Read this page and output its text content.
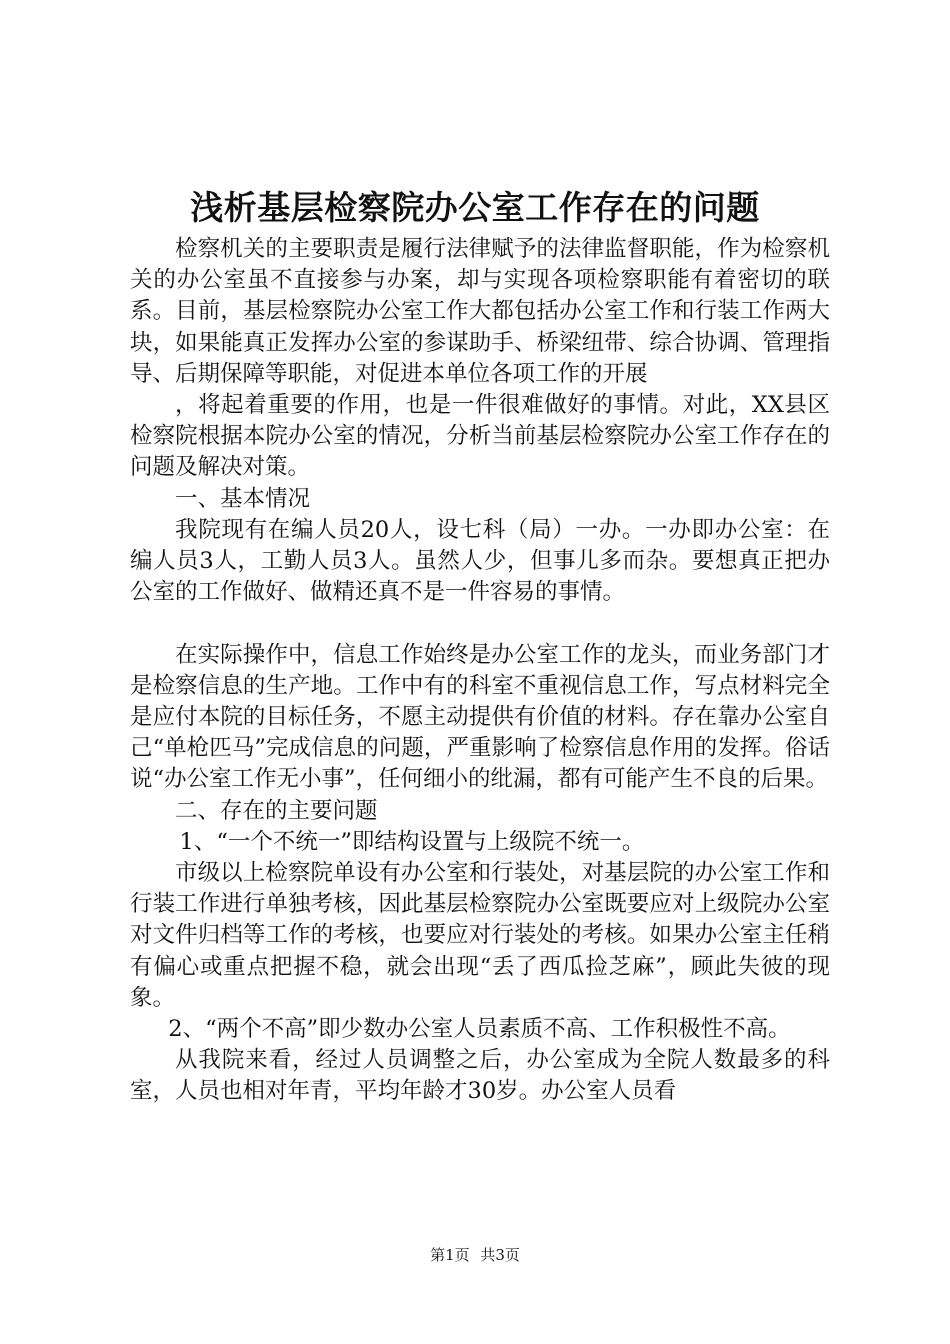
浅析基层检察院办公室工作存在的问题

检察机关的主要职责是履行法律赋予的法律监督职能，作为检察机关的办公室虽不直接参与办案，却与实现各项检察职能有着密切的联系。目前，基层检察院办公室工作大都包括办公室工作和行装工作两大块，如果能真正发挥办公室的参谋助手、桥梁纽带、综合协调、管理指导、后期保障等职能，对促进本单位各项工作的开展

，将起着重要的作用，也是一件很难做好的事情。对此，XX县区检察院根据本院办公室的情况，分析当前基层检察院办公室工作存在的问题及解决对策。

一、基本情况

我院现有在编人员20人，设七科（局）一办。一办即办公室：在编人员3人，工勤人员3人。虽然人少，但事儿多而杂。要想真正把办公室的工作做好、做精还真不是一件容易的事情。

在实际操作中，信息工作始终是办公室工作的龙头，而业务部门才是检察信息的生产地。工作中有的科室不重视信息工作，写点材料完全是应付本院的目标任务，不愿主动提供有价值的材料。存在靠办公室自己“单枪匹马”完成信息的问题，严重影响了检察信息作用的发挥。俗话说“办公室工作无小事”，任何细小的纰漏，都有可能产生不良的后果。

二、存在的主要问题

1、“一个不统一”即结构设置与上级院不统一。

市级以上检察院单设有办公室和行装处，对基层院的办公室工作和行装工作进行单独考核，因此基层检察院办公室既要应对上级院办公室对文件归档等工作的考核，也要应对行装处的考核。如果办公室主任稍有偏心或重点把握不稳，就会出现“丢了西瓜捡芝麻”，顾此失彼的现象。

2、“两个不高”即少数办公室人员素质不高、工作积极性不高。

从我院来看，经过人员调整之后，办公室成为全院人数最多的科室，人员也相对年青，平均年龄才30岁。办公室人员看

第1页 共3页
